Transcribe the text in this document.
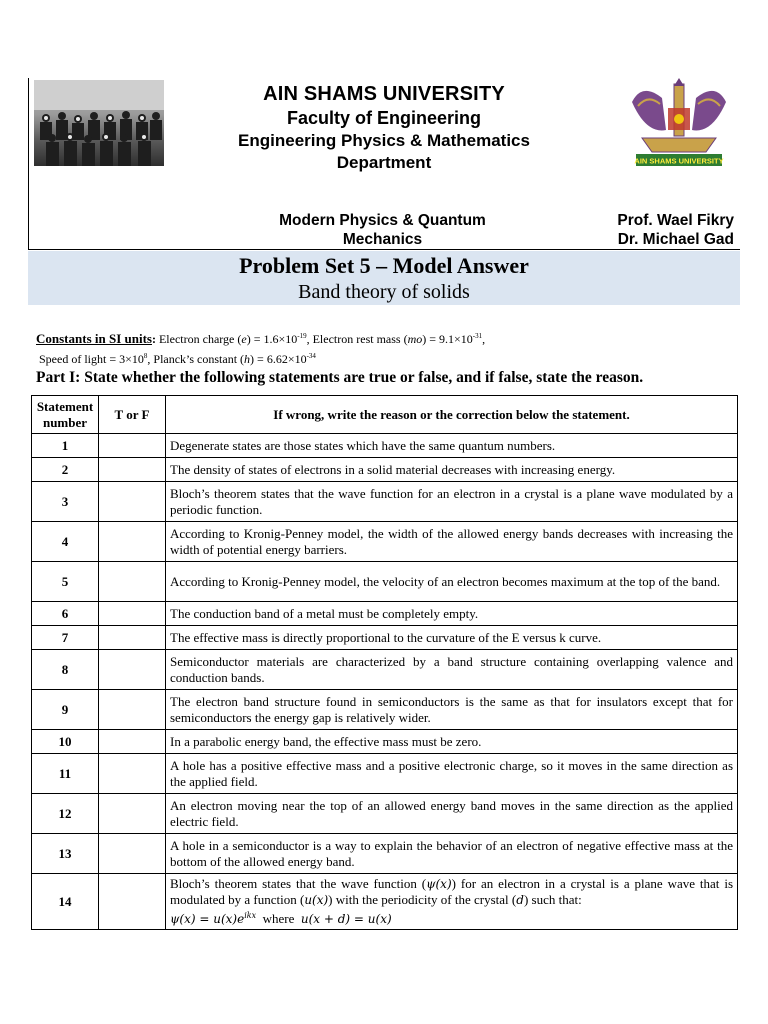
AIN SHAMS UNIVERSITY
Faculty of Engineering
Engineering Physics & Mathematics
Department
Modern Physics & Quantum
Mechanics
Prof. Wael Fikry
Dr. Michael Gad
AIN SHAMS UNIVERSITY
Problem Set 5 – Model Answer
Band theory of solids
Constants in SI units: Electron charge $(e) = 1.6\times 10^{-19}$, Electron rest mass $(mo) = 9.1\times 10^{-31}$,
Speed of light = $3\times 10^8$, Planck’s constant $(h) = 6.62\times 10^{-34}$
Part I: State whether the following statements are true or false, and if false, state the reason.
Statement number	T or F	If wrong, write the reason or the correction below the statement.
1		Degenerate states are those states which have the same quantum numbers.
2		The density of states of electrons in a solid material decreases with increasing energy.
3		Bloch’s theorem states that the wave function for an electron in a crystal is a plane wave modulated by a periodic function.
4		According to Kronig-Penney model, the width of the allowed energy bands decreases with increasing the width of potential energy barriers.
5		According to Kronig-Penney model, the velocity of an electron becomes maximum at the top of the band.
6		The conduction band of a metal must be completely empty.
7		The effective mass is directly proportional to the curvature of the E versus k curve.
8		Semiconductor materials are characterized by a band structure containing overlapping valence and conduction bands.
9		The electron band structure found in semiconductors is the same as that for insulators except that for semiconductors the energy gap is relatively wider.
10		In a parabolic energy band, the effective mass must be zero.
11		A hole has a positive effective mass and a positive electronic charge, so it moves in the same direction as the applied field.
12		An electron moving near the top of an allowed energy band moves in the same direction as the applied electric field.
13		A hole in a semiconductor is a way to explain the behavior of an electron of negative effective mass at the bottom of the allowed energy band.
14		Bloch’s theorem states that the wave function (ψ(x)) for an electron in a crystal is a plane wave that is modulated by a function (u(x)) with the periodicity of the crystal (d) such that:
$\psi(x) = u(x)e^{ikx}$ where u(x + d) = u(x)
